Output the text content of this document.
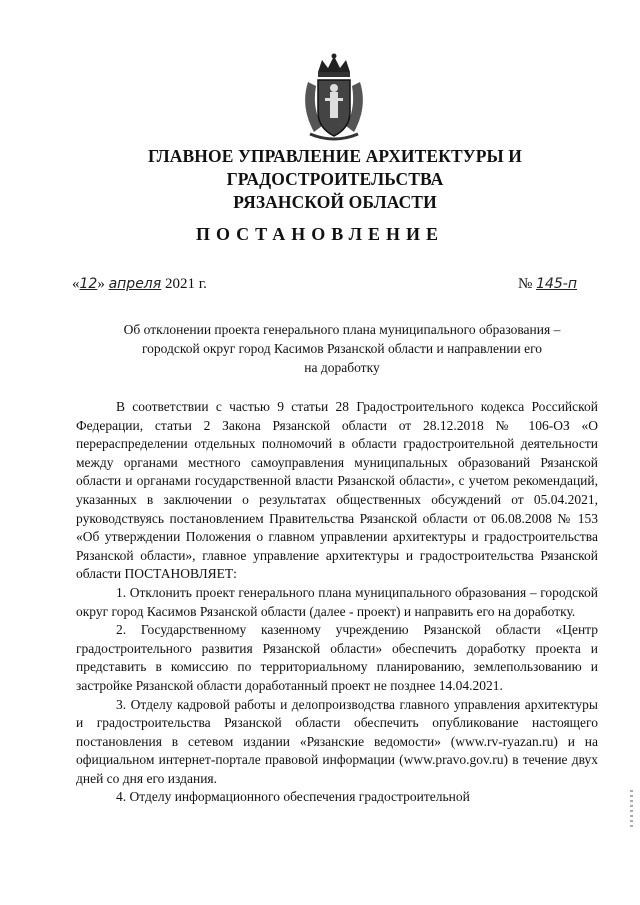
ГЛАВНОЕ УПРАВЛЕНИЕ АРХИТЕКТУРЫ И ГРАДОСТРОИТЕЛЬСТВА
РЯЗАНСКОЙ ОБЛАСТИ
ПОСТАНОВЛЕНИЕ
«12» апреля 2021 г.	№ 145-п
Об отклонении проекта генерального плана муниципального образования –
городской округ город Касимов Рязанской области и направлении его
на доработку

В соответствии с частью 9 статьи 28 Градостроительного кодекса Российской Федерации, статьи 2 Закона Рязанской области от 28.12.2018 № 106-ОЗ «О перераспределении отдельных полномочий в области градостроительной деятельности между органами местного самоуправления муниципальных образований Рязанской области и органами государственной власти Рязанской области», с учетом рекомендаций, указанных в заключении о результатах общественных обсуждений от 05.04.2021, руководствуясь постановлением Правительства Рязанской области от 06.08.2008 № 153 «Об утверждении Положения о главном управлении архитектуры и градостроительства Рязанской области», главное управление архитектуры и градостроительства Рязанской области ПОСТАНОВЛЯЕТ:

1. Отклонить проект генерального плана муниципального образования – городской округ город Касимов Рязанской области (далее - проект) и направить его на доработку.

2. Государственному казенному учреждению Рязанской области «Центр градостроительного развития Рязанской области» обеспечить доработку проекта и представить в комиссию по территориальному планированию, землепользованию и застройке Рязанской области доработанный проект не позднее 14.04.2021.

3. Отделу кадровой работы и делопроизводства главного управления архитектуры и градостроительства Рязанской области обеспечить опубликование настоящего постановления в сетевом издании «Рязанские ведомости» (www.rv-ryazan.ru) и на официальном интернет-портале правовой информации (www.pravo.gov.ru) в течение двух дней со дня его издания.

4. Отделу информационного обеспечения градостроительной
